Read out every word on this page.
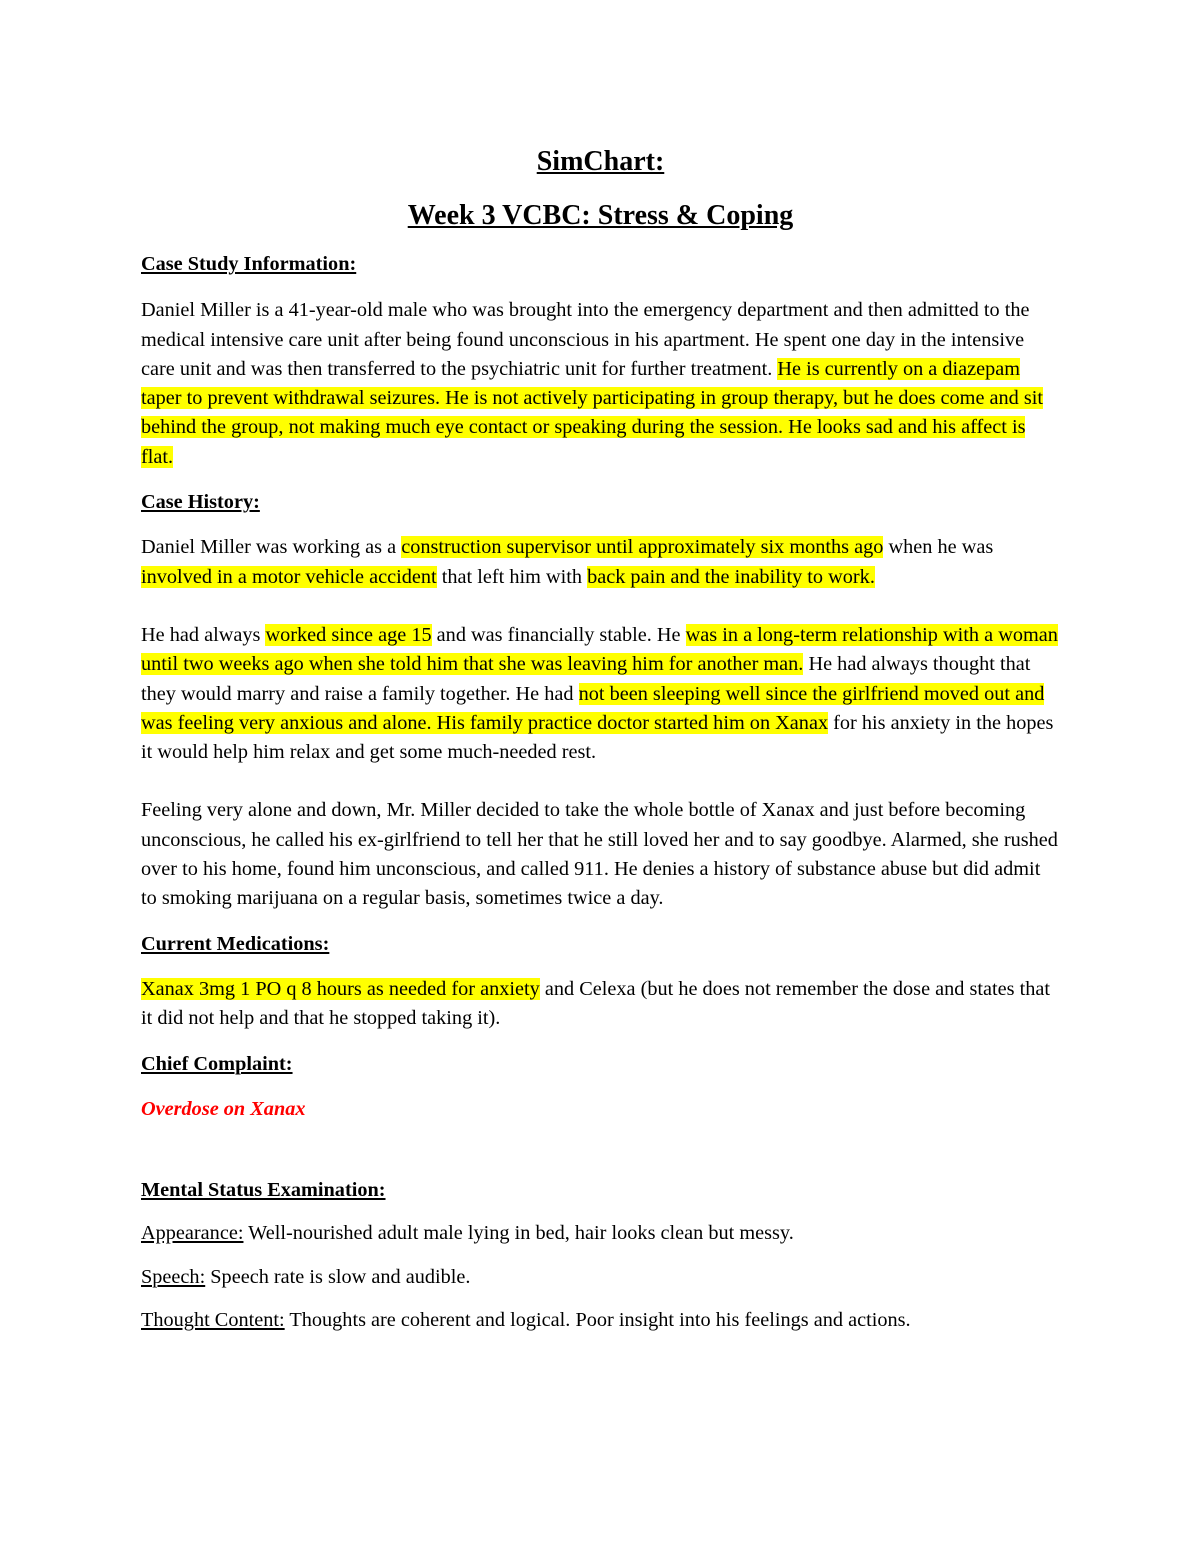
SimChart:

Week 3 VCBC: Stress & Coping

Case Study Information:

Daniel Miller is a 41-year-old male who was brought into the emergency department and then admitted to the medical intensive care unit after being found unconscious in his apartment. He spent one day in the intensive care unit and was then transferred to the psychiatric unit for further treatment. He is currently on a diazepam taper to prevent withdrawal seizures. He is not actively participating in group therapy, but he does come and sit behind the group, not making much eye contact or speaking during the session. He looks sad and his affect is flat.

Case History:

Daniel Miller was working as a construction supervisor until approximately six months ago when he was involved in a motor vehicle accident that left him with back pain and the inability to work.

He had always worked since age 15 and was financially stable. He was in a long-term relationship with a woman until two weeks ago when she told him that she was leaving him for another man. He had always thought that they would marry and raise a family together. He had not been sleeping well since the girlfriend moved out and was feeling very anxious and alone. His family practice doctor started him on Xanax for his anxiety in the hopes it would help him relax and get some much-needed rest.

Feeling very alone and down, Mr. Miller decided to take the whole bottle of Xanax and just before becoming unconscious, he called his ex-girlfriend to tell her that he still loved her and to say goodbye. Alarmed, she rushed over to his home, found him unconscious, and called 911. He denies a history of substance abuse but did admit to smoking marijuana on a regular basis, sometimes twice a day.

Current Medications:

Xanax 3mg 1 PO q 8 hours as needed for anxiety and Celexa (but he does not remember the dose and states that it did not help and that he stopped taking it).

Chief Complaint:

Overdose on Xanax

Mental Status Examination:

Appearance: Well-nourished adult male lying in bed, hair looks clean but messy.

Speech: Speech rate is slow and audible.

Thought Content: Thoughts are coherent and logical. Poor insight into his feelings and actions.
